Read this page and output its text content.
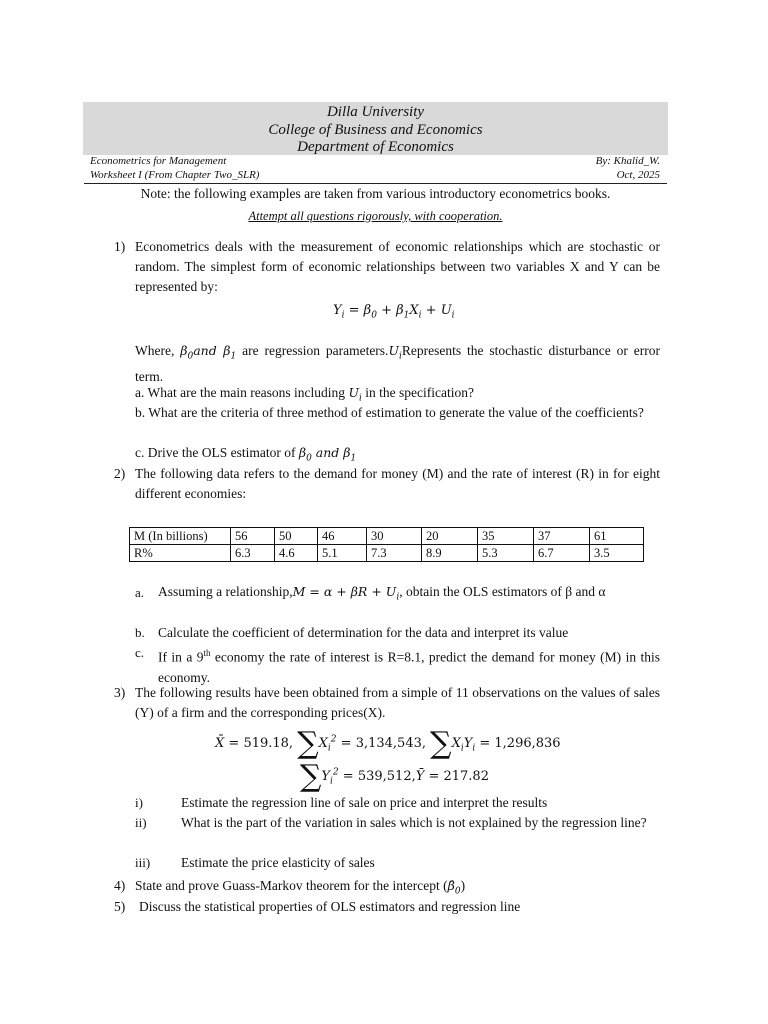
Dilla University
College of Business and Economics
Department of Economics
Econometrics for Management	By: Khalid_W.
Worksheet I (From Chapter Two_SLR)	Oct, 2025
Note: the following examples are taken from various introductory econometrics books.
Attempt all questions rigorously, with cooperation.
1) Econometrics deals with the measurement of economic relationships which are stochastic or random. The simplest form of economic relationships between two variables X and Y can be represented by:
$Y_i = \beta_0 + \beta_1X_i + U_i$
Where, $\beta_0and$ $\beta_1$ are regression $parameters.U_iRepresents$ the stochastic disturbance or error term.
a. What are the main reasons including $U_i$ in the specification?
b. What are the criteria of three method of estimation to generate the value of the coefficients?
c. Drive the OLS estimator of $\beta_0$ and $\beta_1$
2) The following data refers to the demand for money (M) and the rate of interest (R) in for eight different economies:
M (In billions)	56	50	46	30	20	35	37	61
R%	6.3	4.6	5.1	7.3	8.9	5.3	6.7	3.5
a. Assuming a relationship,M = $\alpha + \beta R + U_i$, obtain the OLS estimators of β and α
b. Calculate the coefficient of determination for the data and interpret its value
c. If in a 9th economy the rate of interest is R=8.1, predict the demand for money (M) in this economy.
3) The following results have been obtained from a simple of 11 observations on the values of sales (Y) of a firm and the corresponding prices(X).
X̄ = 519.18, $\sum X_i^2 = 3,134,543$, $\sum X_iY_i = 1,296,836$
$\sum Y_i^2$ = 539,512,Ȳ = 217.82
i)	Estimate the regression line of sale on price and interpret the results
ii)	What is the part of the variation in sales which is not explained by the regression line?
iii) Estimate the price elasticity of sales
4) State and prove Guass-Markov theorem for the intercept $(\betâ_0)$
5) Discuss the statistical properties of OLS estimators and regression line
